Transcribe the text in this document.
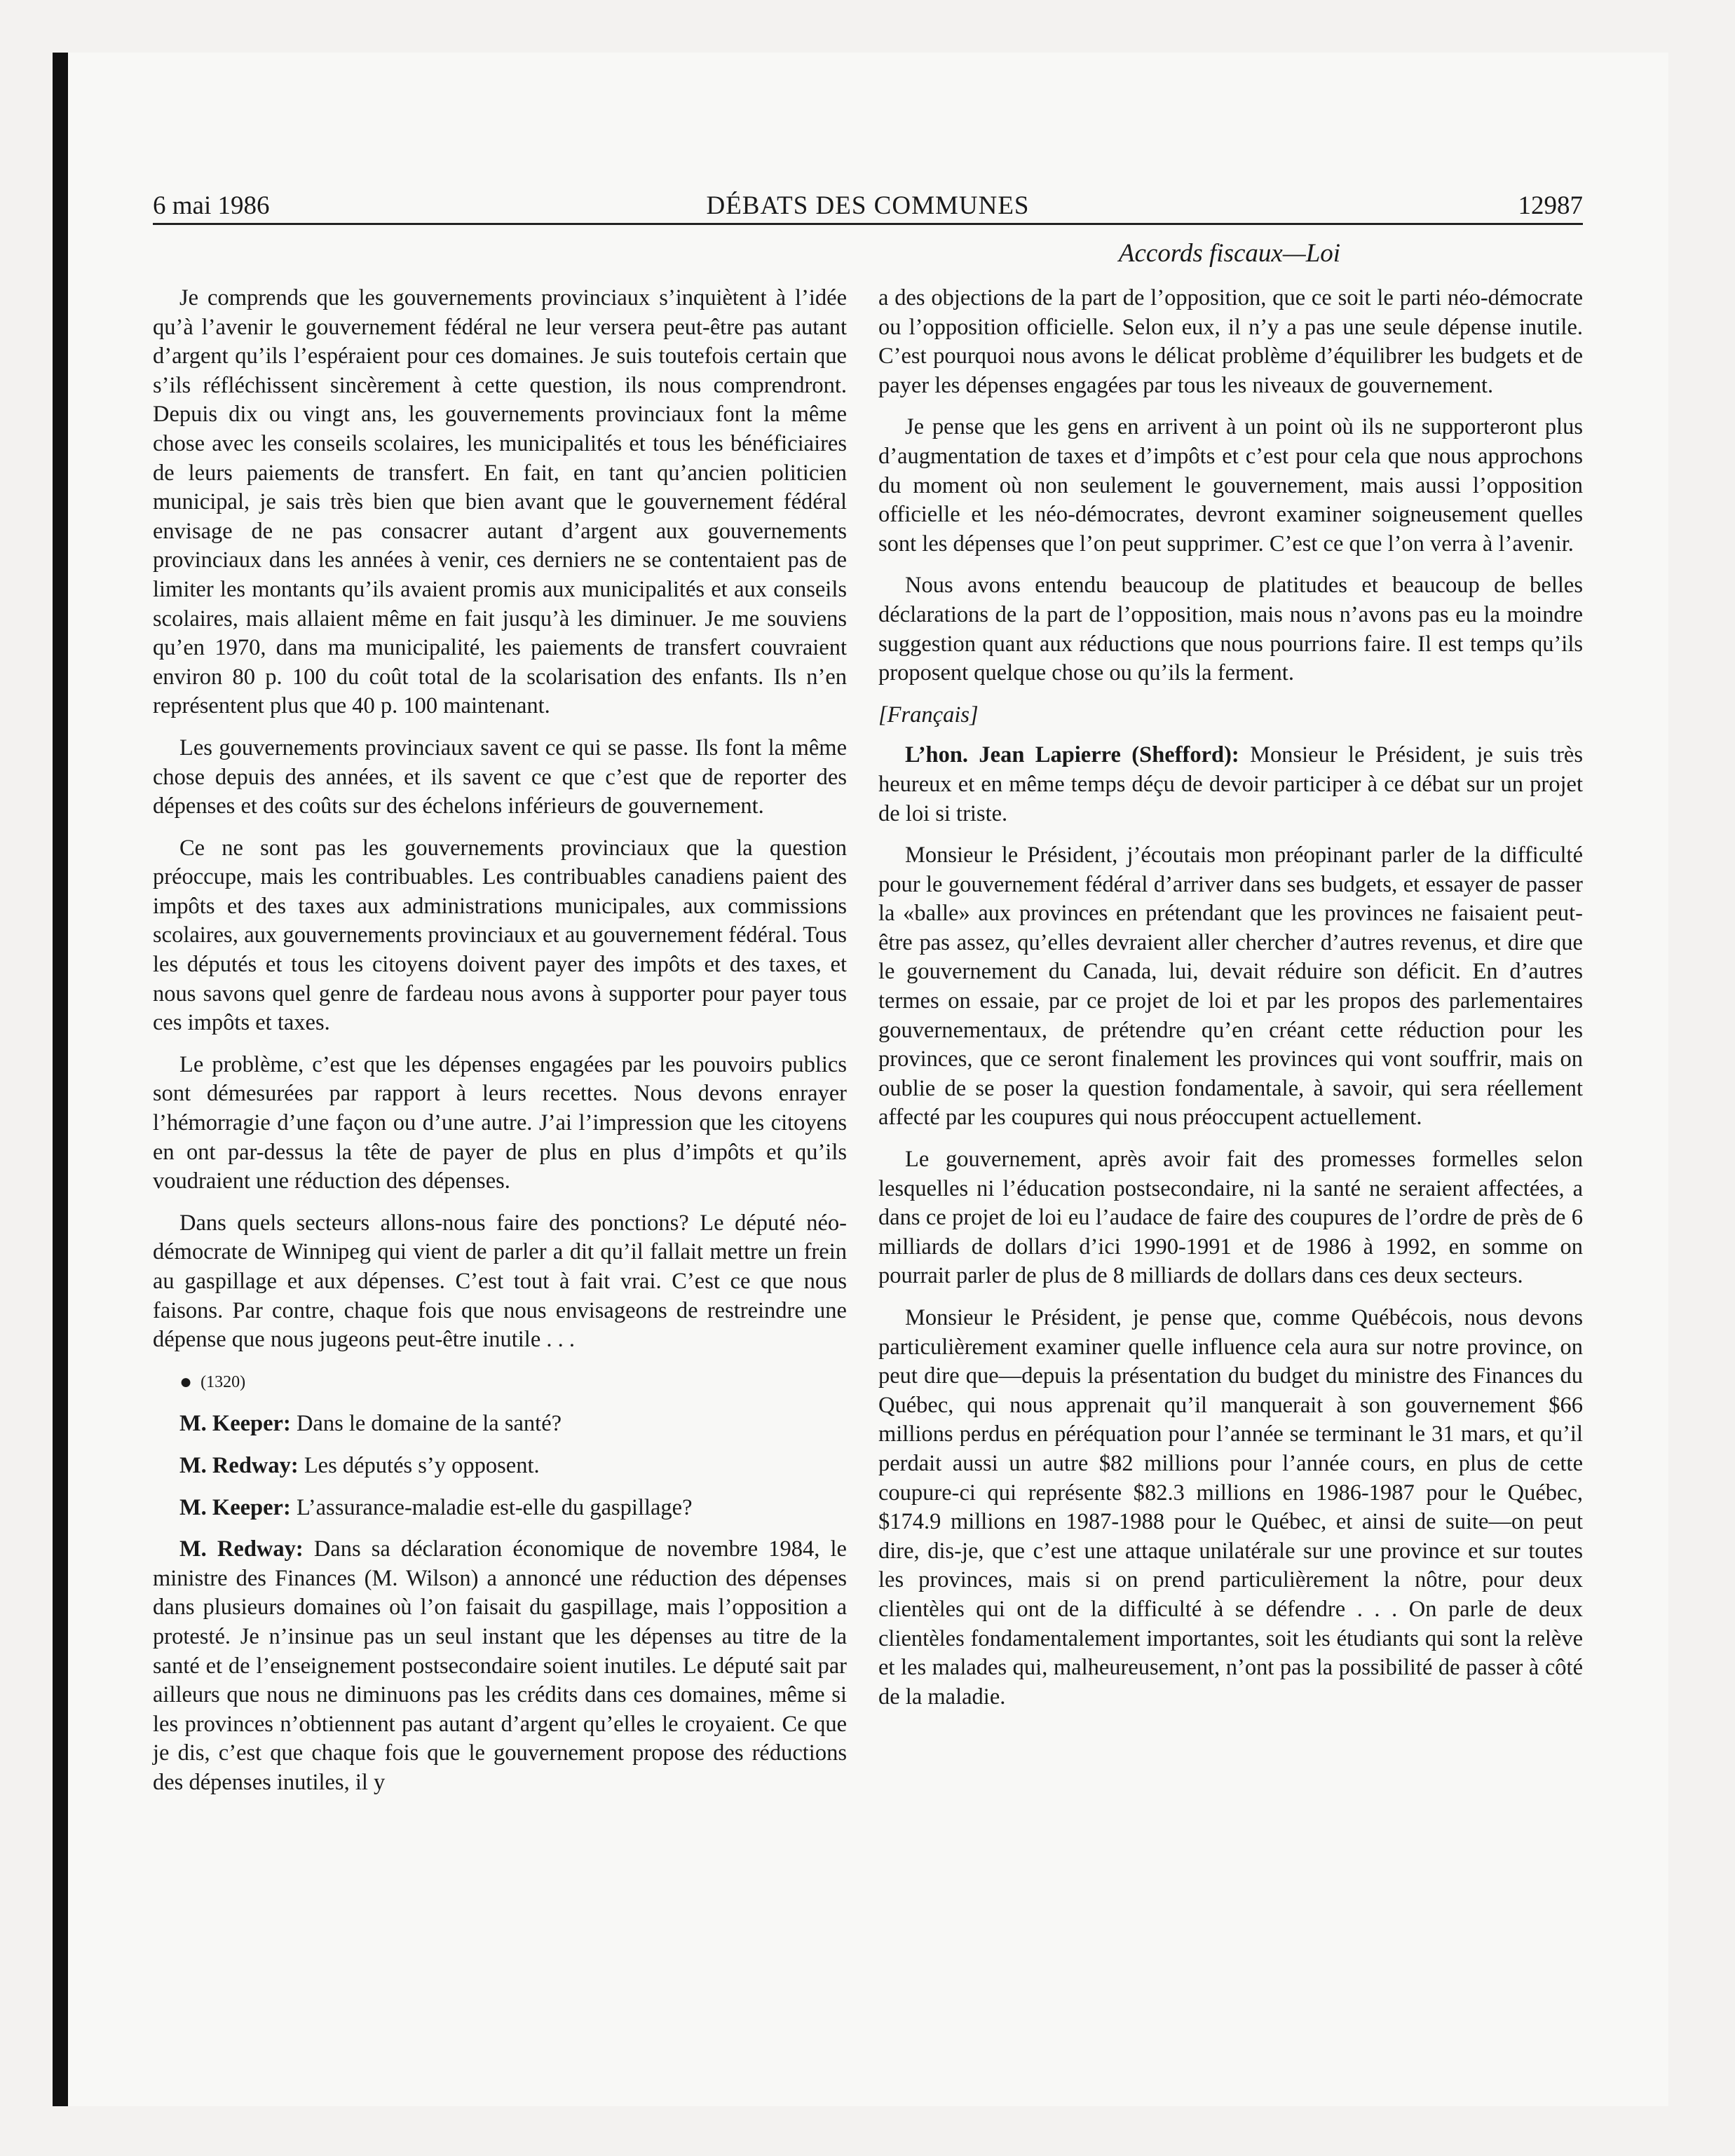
6 mai 1986	DÉBATS DES COMMUNES	12987
Accords fiscaux—Loi

Je comprends que les gouvernements provinciaux s’inquiètent à l’idée qu’à l’avenir le gouvernement fédéral ne leur versera peut-être pas autant d’argent qu’ils l’espéraient pour ces domaines. Je suis toutefois certain que s’ils réfléchissent sincèrement à cette question, ils nous comprendront. Depuis dix ou vingt ans, les gouvernements provinciaux font la même chose avec les conseils scolaires, les municipalités et tous les bénéficiaires de leurs paiements de transfert. En fait, en tant qu’ancien politicien municipal, je sais très bien que bien avant que le gouvernement fédéral envisage de ne pas consacrer autant d’argent aux gouvernements provinciaux dans les années à venir, ces derniers ne se contentaient pas de limiter les montants qu’ils avaient promis aux municipalités et aux conseils scolaires, mais allaient même en fait jusqu’à les diminuer. Je me souviens qu’en 1970, dans ma municipalité, les paiements de transfert couvraient environ 80 p. 100 du coût total de la scolarisation des enfants. Ils n’en représentent plus que 40 p. 100 maintenant.

Les gouvernements provinciaux savent ce qui se passe. Ils font la même chose depuis des années, et ils savent ce que c’est que de reporter des dépenses et des coûts sur des échelons inférieurs de gouvernement.

Ce ne sont pas les gouvernements provinciaux que la question préoccupe, mais les contribuables. Les contribuables canadiens paient des impôts et des taxes aux administrations municipales, aux commissions scolaires, aux gouvernements provinciaux et au gouvernement fédéral. Tous les députés et tous les citoyens doivent payer des impôts et des taxes, et nous savons quel genre de fardeau nous avons à supporter pour payer tous ces impôts et taxes.

Le problème, c’est que les dépenses engagées par les pouvoirs publics sont démesurées par rapport à leurs recettes. Nous devons enrayer l’hémorragie d’une façon ou d’une autre. J’ai l’impression que les citoyens en ont par-dessus la tête de payer de plus en plus d’impôts et qu’ils voudraient une réduction des dépenses.

Dans quels secteurs allons-nous faire des ponctions? Le député néo-démocrate de Winnipeg qui vient de parler a dit qu’il fallait mettre un frein au gaspillage et aux dépenses. C’est tout à fait vrai. C’est ce que nous faisons. Par contre, chaque fois que nous envisageons de restreindre une dépense que nous jugeons peut-être inutile . . .

● (1320)

M. Keeper: Dans le domaine de la santé?

M. Redway: Les députés s’y opposent.

M. Keeper: L’assurance-maladie est-elle du gaspillage?

M. Redway: Dans sa déclaration économique de novembre 1984, le ministre des Finances (M. Wilson) a annoncé une réduction des dépenses dans plusieurs domaines où l’on faisait du gaspillage, mais l’opposition a protesté. Je n’insinue pas un seul instant que les dépenses au titre de la santé et de l’enseignement postsecondaire soient inutiles. Le député sait par ailleurs que nous ne diminuons pas les crédits dans ces domaines, même si les provinces n’obtiennent pas autant d’argent qu’elles le croyaient. Ce que je dis, c’est que chaque fois que le gouvernement propose des réductions des dépenses inutiles, il y

a des objections de la part de l’opposition, que ce soit le parti néo-démocrate ou l’opposition officielle. Selon eux, il n’y a pas une seule dépense inutile. C’est pourquoi nous avons le délicat problème d’équilibrer les budgets et de payer les dépenses engagées par tous les niveaux de gouvernement.

Je pense que les gens en arrivent à un point où ils ne supporteront plus d’augmentation de taxes et d’impôts et c’est pour cela que nous approchons du moment où non seulement le gouvernement, mais aussi l’opposition officielle et les néo-démocrates, devront examiner soigneusement quelles sont les dépenses que l’on peut supprimer. C’est ce que l’on verra à l’avenir.

Nous avons entendu beaucoup de platitudes et beaucoup de belles déclarations de la part de l’opposition, mais nous n’avons pas eu la moindre suggestion quant aux réductions que nous pourrions faire. Il est temps qu’ils proposent quelque chose ou qu’ils la ferment.

[Français]

L’hon. Jean Lapierre (Shefford): Monsieur le Président, je suis très heureux et en même temps déçu de devoir participer à ce débat sur un projet de loi si triste.

Monsieur le Président, j’écoutais mon préopinant parler de la difficulté pour le gouvernement fédéral d’arriver dans ses budgets, et essayer de passer la «balle» aux provinces en prétendant que les provinces ne faisaient peut-être pas assez, qu’elles devraient aller chercher d’autres revenus, et dire que le gouvernement du Canada, lui, devait réduire son déficit. En d’autres termes on essaie, par ce projet de loi et par les propos des parlementaires gouvernementaux, de prétendre qu’en créant cette réduction pour les provinces, que ce seront finalement les provinces qui vont souffrir, mais on oublie de se poser la question fondamentale, à savoir, qui sera réellement affecté par les coupures qui nous préoccupent actuellement.

Le gouvernement, après avoir fait des promesses formelles selon lesquelles ni l’éducation postsecondaire, ni la santé ne seraient affectées, a dans ce projet de loi eu l’audace de faire des coupures de l’ordre de près de 6 milliards de dollars d’ici 1990-1991 et de 1986 à 1992, en somme on pourrait parler de plus de 8 milliards de dollars dans ces deux secteurs.

Monsieur le Président, je pense que, comme Québécois, nous devons particulièrement examiner quelle influence cela aura sur notre province, on peut dire que—depuis la présentation du budget du ministre des Finances du Québec, qui nous apprenait qu’il manquerait à son gouvernement $66 millions perdus en péréquation pour l’année se terminant le 31 mars, et qu’il perdait aussi un autre $82 millions pour l’année cours, en plus de cette coupure-ci qui représente $82.3 millions en 1986-1987 pour le Québec, $174.9 millions en 1987-1988 pour le Québec, et ainsi de suite—on peut dire, dis-je, que c’est une attaque unilatérale sur une province et sur toutes les provinces, mais si on prend particulièrement la nôtre, pour deux clientèles qui ont de la difficulté à se défendre . . . On parle de deux clientèles fondamentalement importantes, soit les étudiants qui sont la relève et les malades qui, malheureusement, n’ont pas la possibilité de passer à côté de la maladie.
